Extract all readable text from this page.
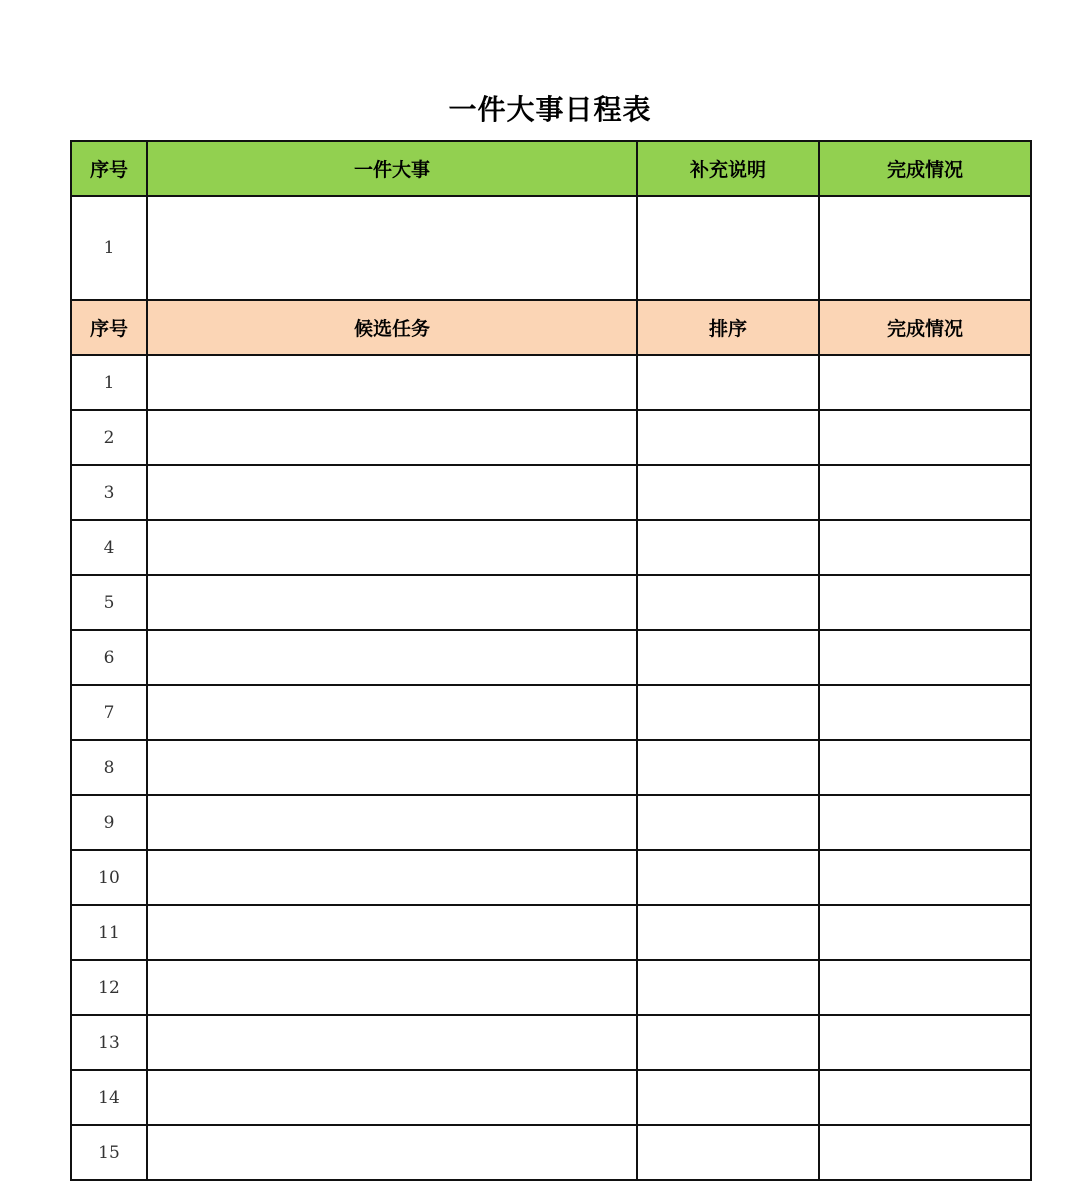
一件大事日程表
序号	一件大事	补充说明	完成情况
1			
序号	候选任务	排序	完成情况
1			
2			
3			
4			
5			
6			
7			
8			
9			
10			
11			
12			
13			
14			
15			
